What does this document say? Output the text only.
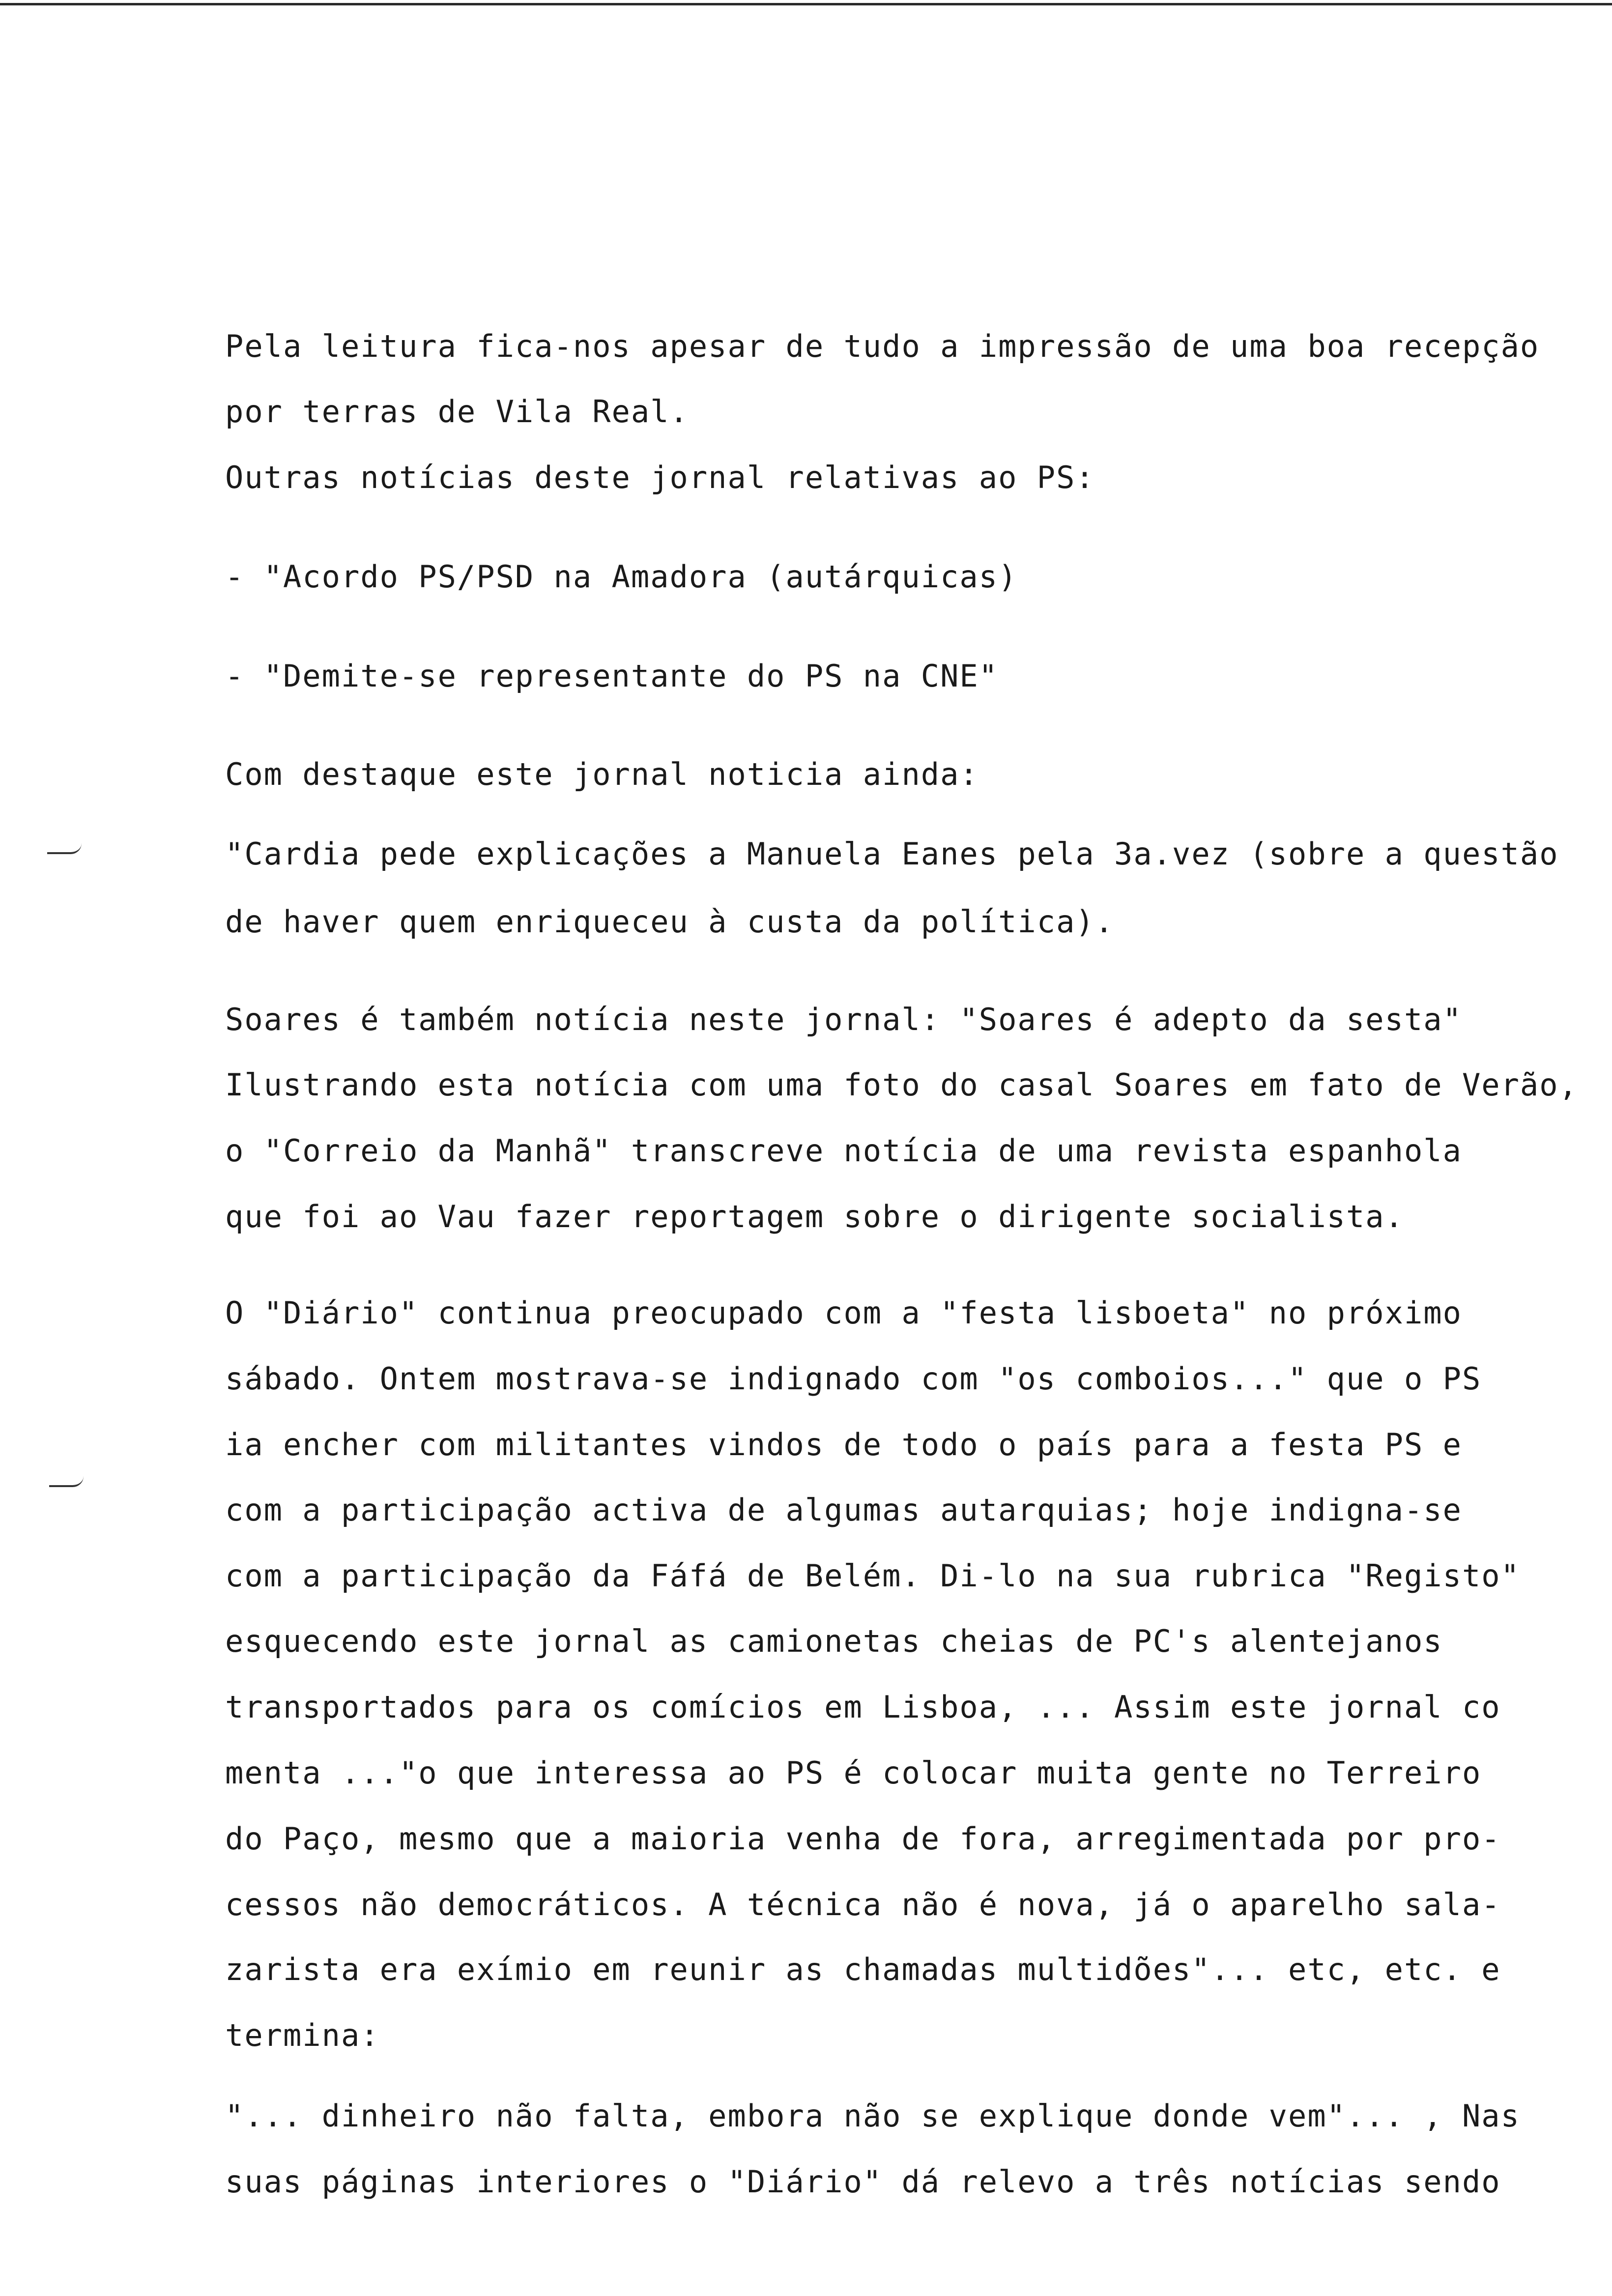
Pela leitura fica-nos apesar de tudo a impressão de uma boa recepção
por terras de Vila Real.
Outras notícias deste jornal relativas ao PS:
- "Acordo PS/PSD na Amadora (autárquicas)
- "Demite-se representante do PS na CNE"
Com destaque este jornal noticia ainda:
"Cardia pede explicações a Manuela Eanes pela 3a.vez (sobre a questão
de haver quem enriqueceu à custa da política).
Soares é também notícia neste jornal: "Soares é adepto da sesta"
Ilustrando esta notícia com uma foto do casal Soares em fato de Verão,
o "Correio da Manhã" transcreve notícia de uma revista espanhola
que foi ao Vau fazer reportagem sobre o dirigente socialista.
O "Diário" continua preocupado com a "festa lisboeta" no próximo
sábado. Ontem mostrava-se indignado com "os comboios..." que o PS
ia encher com militantes vindos de todo o país para a festa PS e
com a participação activa de algumas autarquias; hoje indigna-se
com a participação da Fáfá de Belém. Di-lo na sua rubrica "Registo"
esquecendo este jornal as camionetas cheias de PC's alentejanos
transportados para os comícios em Lisboa, ... Assim este jornal co
menta ..."o que interessa ao PS é colocar muita gente no Terreiro
do Paço, mesmo que a maioria venha de fora, arregimentada por pro-
cessos não democráticos. A técnica não é nova, já o aparelho sala-
zarista era exímio em reunir as chamadas multidões"... etc, etc. e
termina:
"... dinheiro não falta, embora não se explique donde vem"... , Nas
suas páginas interiores o "Diário" dá relevo a três notícias sendo
